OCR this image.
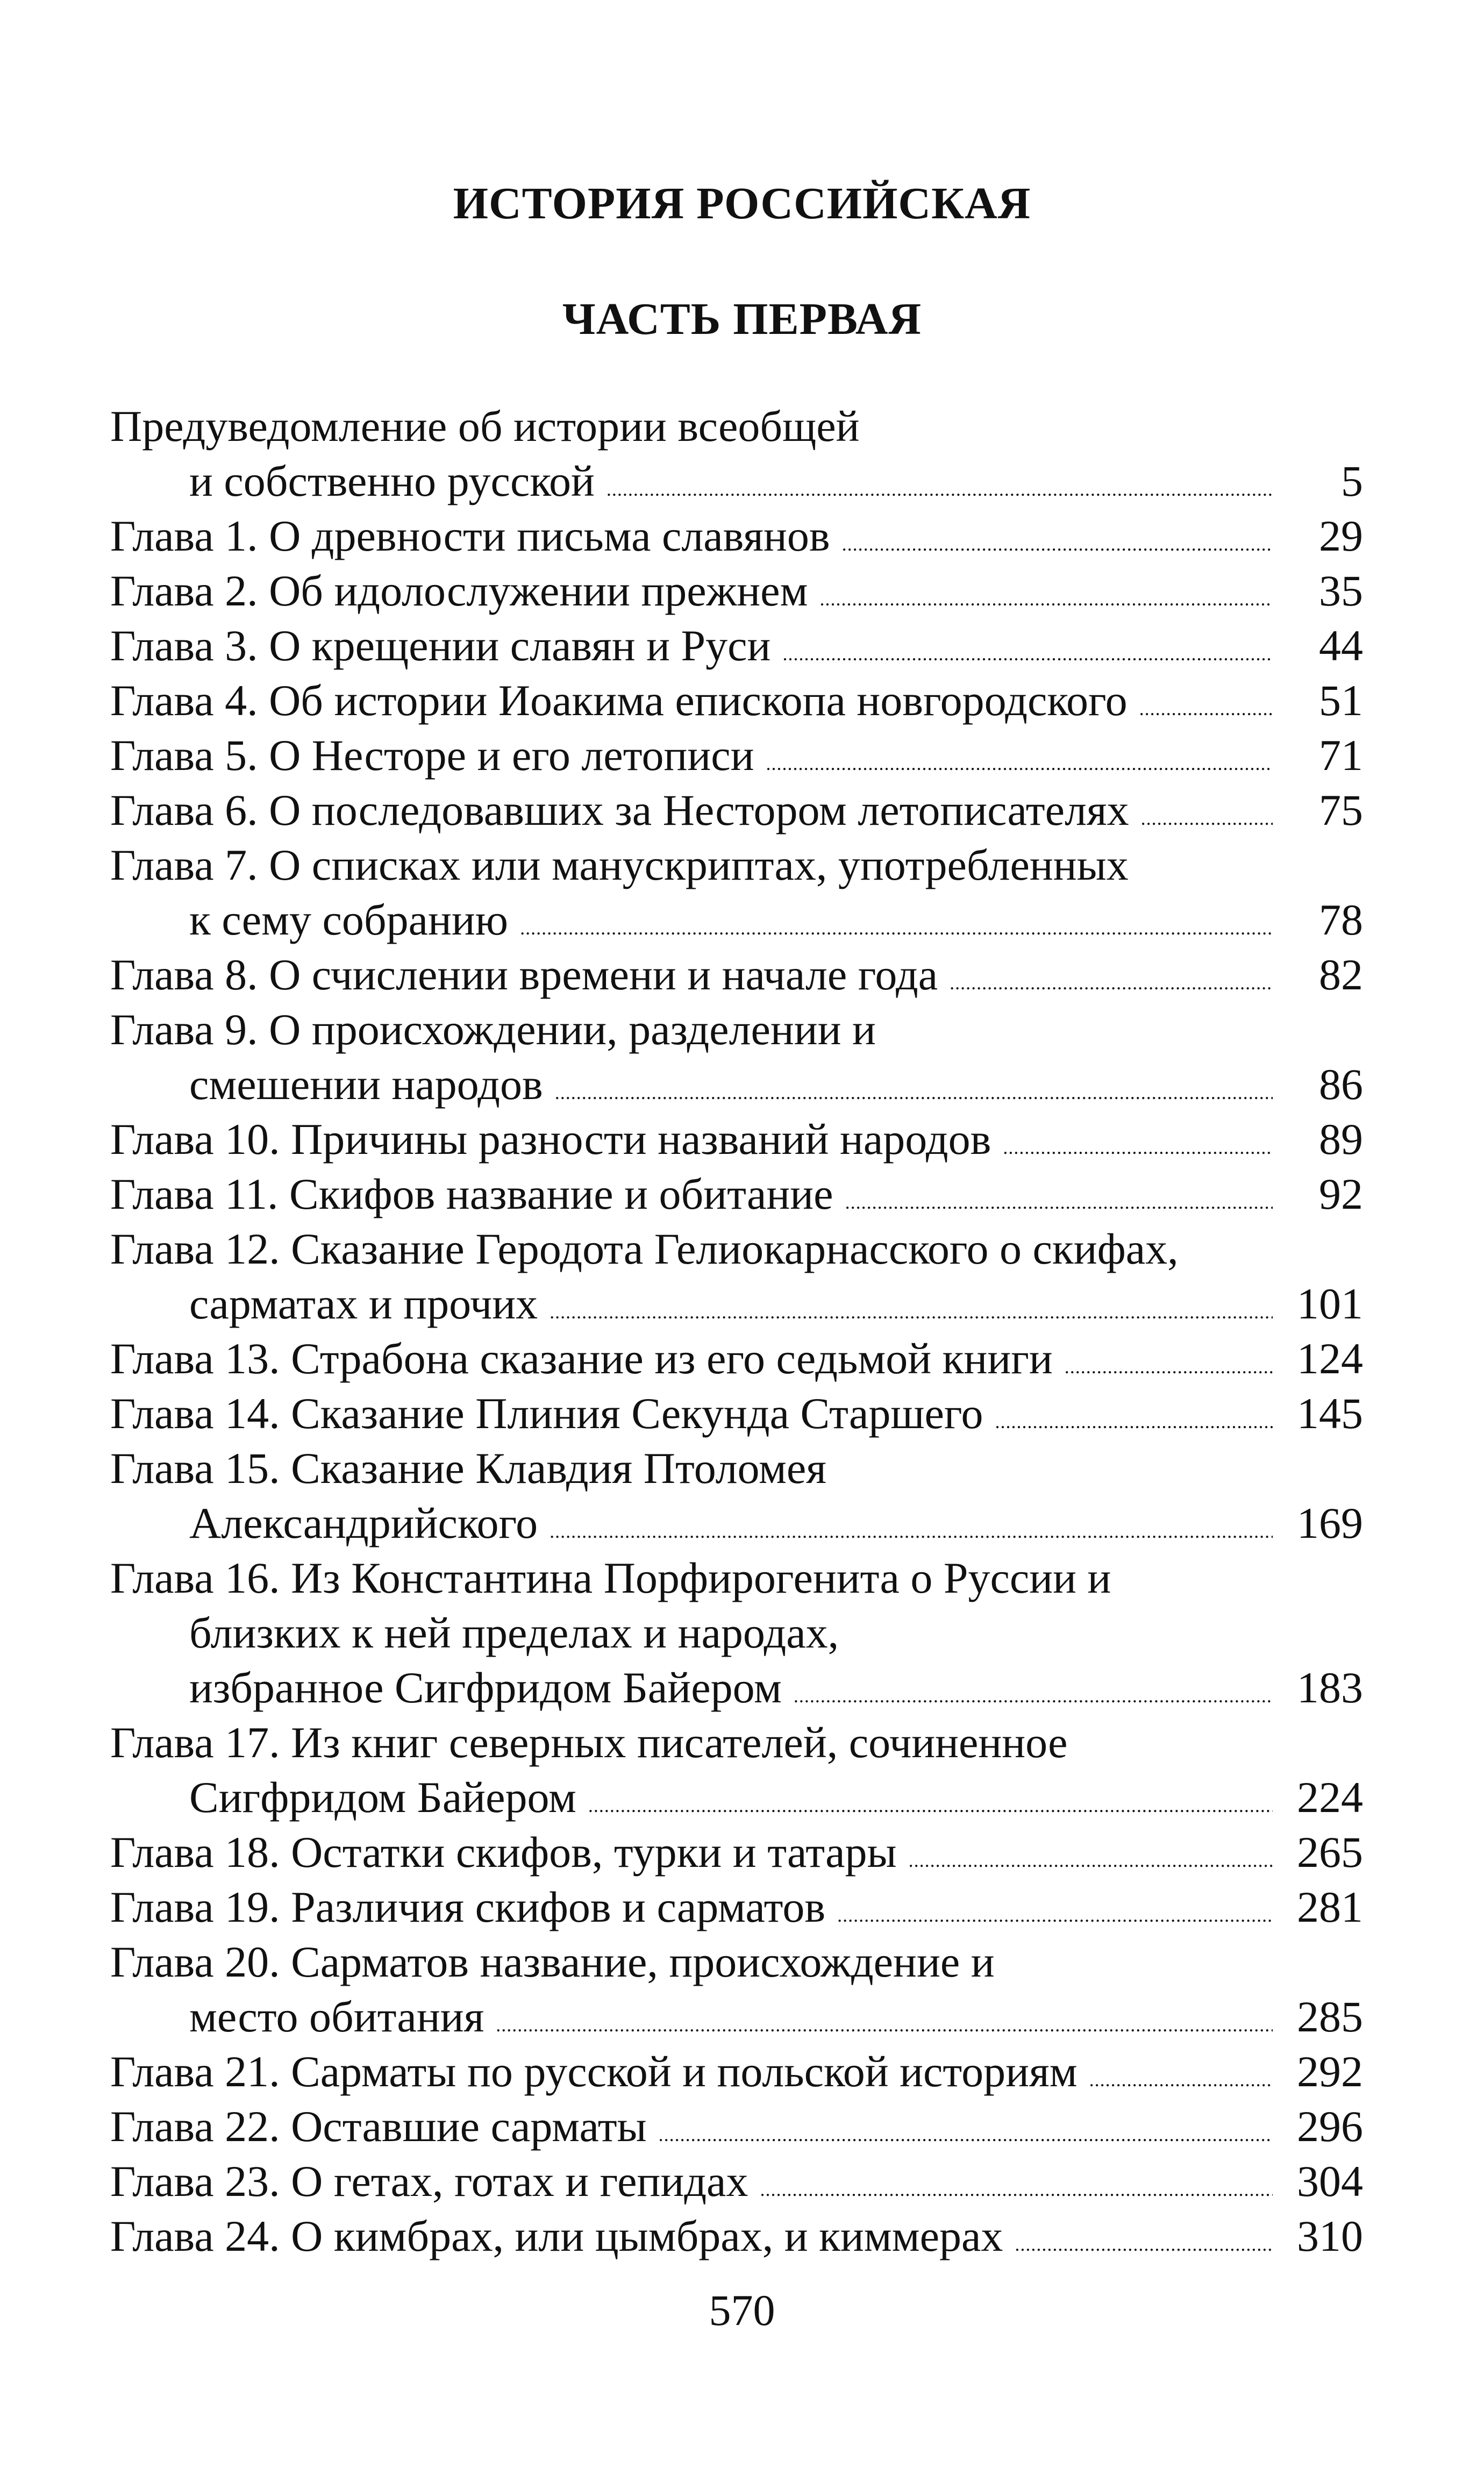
ИСТОРИЯ РОССИЙСКАЯ
ЧАСТЬ ПЕРВАЯ
Предуведомление об истории всеобщей
и собственно русской . . .	5
Глава 1. О древности письма славянов . . .	29
Глава 2. Об идолослужении прежнем . . .	35
Глава 3. О крещении славян и Руси . . .	44
Глава 4. Об истории Иоакима епископа новгородского . . .	51
Глава 5. О Несторе и его летописи . . .	71
Глава 6. О последовавших за Нестором летописателях . . .	75
Глава 7. О списках или манускриптах, употребленных
к сему собранию . . .	78
Глава 8. О счислении времени и начале года . . .	82
Глава 9. О происхождении, разделении и
смешении народов . . .	86
Глава 10. Причины разности названий народов . . .	89
Глава 11. Скифов название и обитание . . .	92
Глава 12. Сказание Геродота Гелиокарнасского о скифах,
сарматах и прочих . . .	101
Глава 13. Страбона сказание из его седьмой книги . . .	124
Глава 14. Сказание Плиния Секунда Старшего . . .	145
Глава 15. Сказание Клавдия Птоломея
Александрийского . . .	169
Глава 16. Из Константина Порфирогенита о Руссии и
близких к ней пределах и народах,
избранное Сигфридом Байером . . .	183
Глава 17. Из книг северных писателей, сочиненное
Сигфридом Байером . . .	224
Глава 18. Остатки скифов, турки и татары . . .	265
Глава 19. Различия скифов и сарматов . . .	281
Глава 20. Сарматов название, происхождение и
место обитания . . .	285
Глава 21. Сарматы по русской и польской историям . . .	292
Глава 22. Оставшие сарматы . . .	296
Глава 23. О гетах, готах и гепидах . . .	304
Глава 24. О кимбрах, или цымбрах, и киммерах . . .	310
570
